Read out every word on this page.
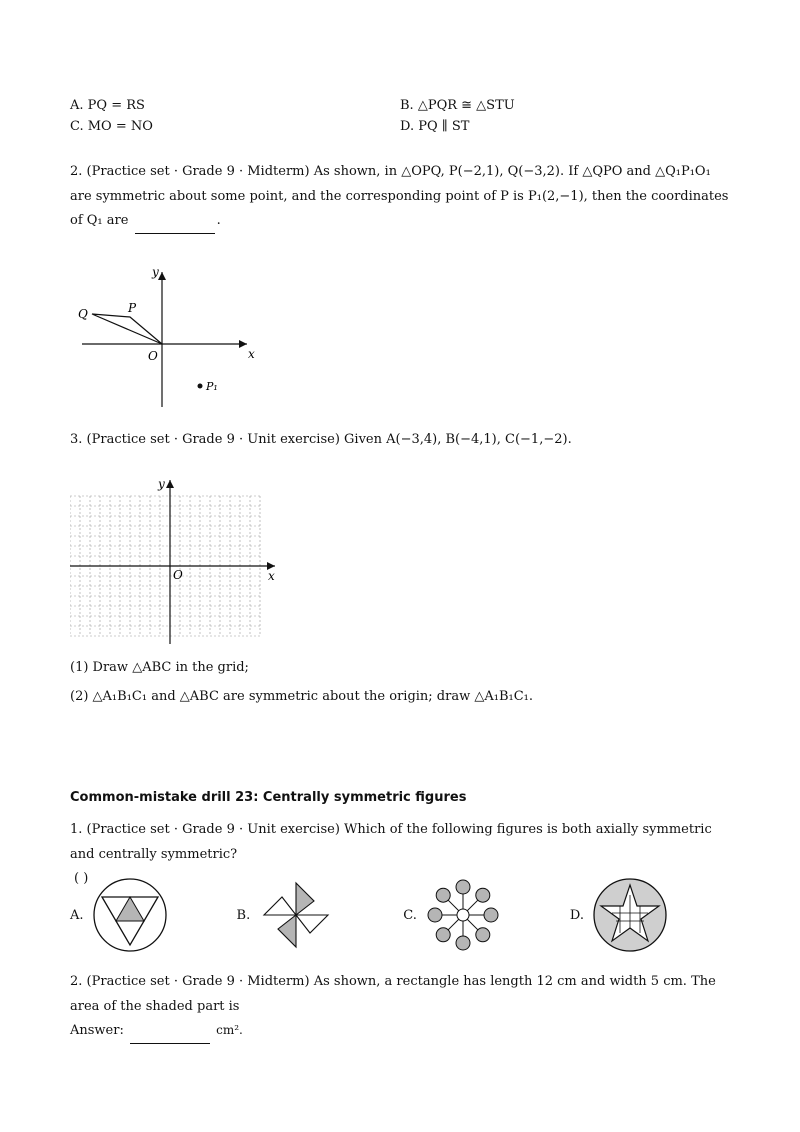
A. PQ = RS	B. △PQR ≅ △STU
C. MO = NO	D. PQ ∥ ST
2. (Practice set · Grade 9 · Midterm) As shown, in △OPQ, P(−2,1), Q(−3,2). If △QPO and △Q₁P₁O₁ are symmetric about some point, and the corresponding point of P is P₁(2,−1), then the coordinates of Q₁ are	.
y
x
O
P
Q
P₁
3. (Practice set · Grade 9 · Unit exercise) Given A(−3,4), B(−4,1), C(−1,−2).
y
x
O
(1) Draw △ABC in the grid;
(2) △A₁B₁C₁ and △ABC are symmetric about the origin; draw △A₁B₁C₁.
Common-mistake drill 23: Centrally symmetric figures
1. (Practice set · Grade 9 · Unit exercise) Which of the following figures is both axially symmetric and centrally symmetric?
( )
A.	B.	C.	D.
2. (Practice set · Grade 9 · Midterm) As shown, a rectangle has length 12 cm and width 5 cm. The area of the shaded part is
Answer:	cm².
